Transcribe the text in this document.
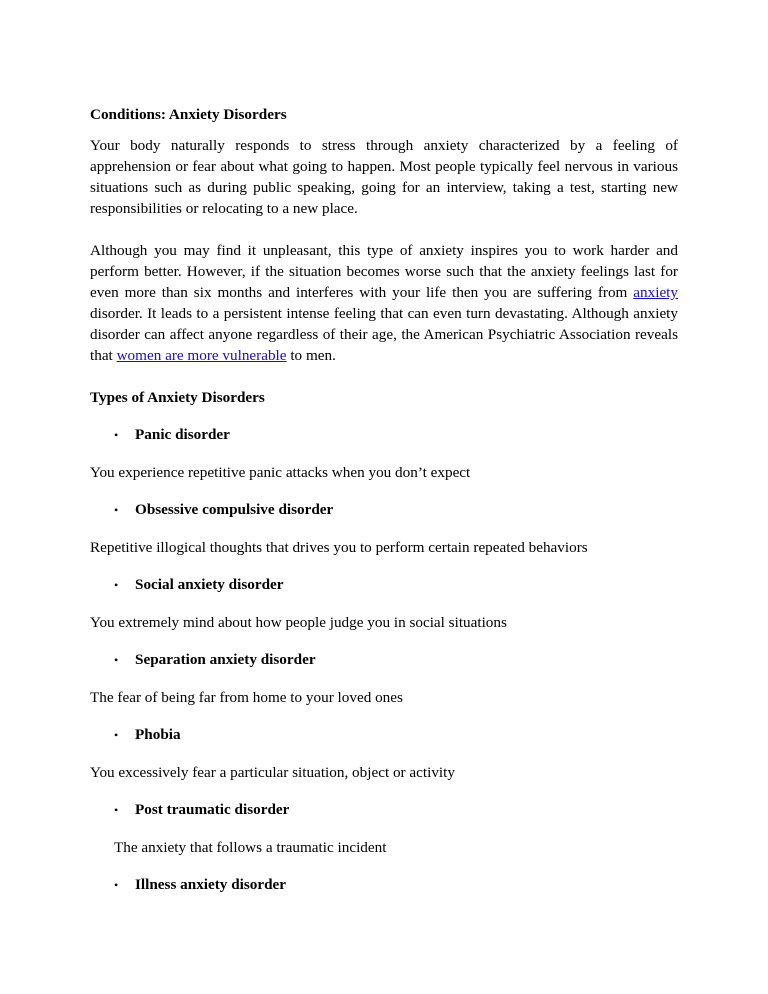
Conditions: Anxiety Disorders

Your body naturally responds to stress through anxiety characterized by a feeling of apprehension or fear about what going to happen. Most people typically feel nervous in various situations such as during public speaking, going for an interview, taking a test, starting new responsibilities or relocating to a new place.

Although you may find it unpleasant, this type of anxiety inspires you to work harder and perform better. However, if the situation becomes worse such that the anxiety feelings last for even more than six months and interferes with your life then you are suffering from anxiety disorder. It leads to a persistent intense feeling that can even turn devastating. Although anxiety disorder can affect anyone regardless of their age, the American Psychiatric Association reveals that women are more vulnerable to men.

Types of Anxiety Disorders
•	Panic disorder

You experience repetitive panic attacks when you don’t expect

•	Obsessive compulsive disorder

Repetitive illogical thoughts that drives you to perform certain repeated behaviors

•	Social anxiety disorder

You extremely mind about how people judge you in social situations

•	Separation anxiety disorder

The fear of being far from home to your loved ones

•	Phobia

You excessively fear a particular situation, object or activity

•	Post traumatic disorder

The anxiety that follows a traumatic incident

•	Illness anxiety disorder
